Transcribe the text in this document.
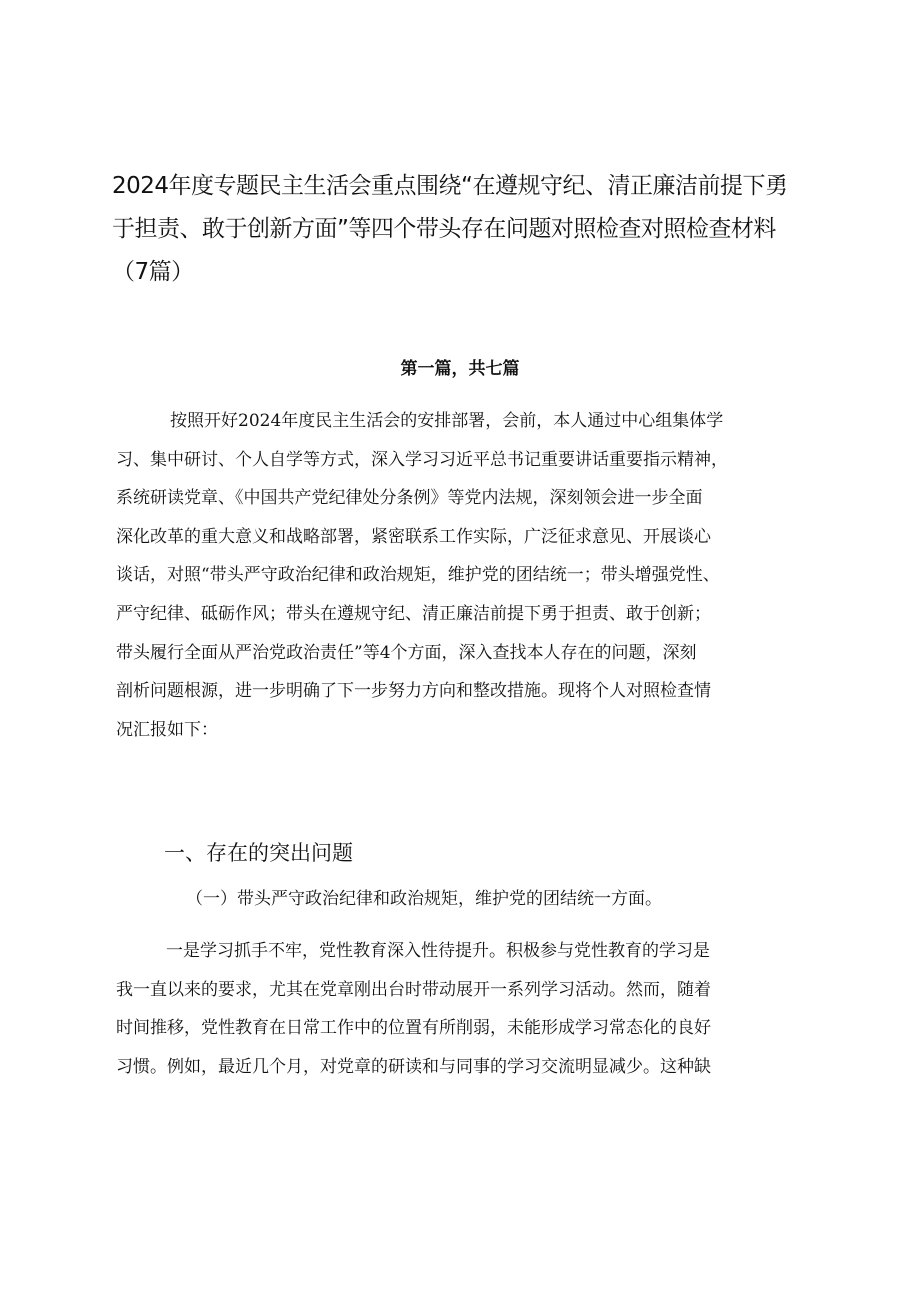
2024年度专题民主生活会重点围绕“在遵规守纪、清正廉洁前提下勇
于担责、敢于创新方面”等四个带头存在问题对照检查对照检查材料
（7篇）
第一篇，共七篇
按照开好2024年度民主生活会的安排部署，会前，本人通过中心组集体学
习、集中研讨、个人自学等方式，深入学习习近平总书记重要讲话重要指示精神，
系统研读党章、《中国共产党纪律处分条例》等党内法规，深刻领会进一步全面
深化改革的重大意义和战略部署，紧密联系工作实际，广泛征求意见、开展谈心
谈话，对照“带头严守政治纪律和政治规矩，维护党的团结统一；带头增强党性、
严守纪律、砥砺作风；带头在遵规守纪、清正廉洁前提下勇于担责、敢于创新；
带头履行全面从严治党政治责任”等4个方面，深入查找本人存在的问题，深刻
剖析问题根源，进一步明确了下一步努力方向和整改措施。现将个人对照检查情
况汇报如下：
一、存在的突出问题

（一）带头严守政治纪律和政治规矩，维护党的团结统一方面。

一是学习抓手不牢，党性教育深入性待提升。积极参与党性教育的学习是
我一直以来的要求，尤其在党章刚出台时带动展开一系列学习活动。然而，随着
时间推移，党性教育在日常工作中的位置有所削弱，未能形成学习常态化的良好
习惯。例如，最近几个月，对党章的研读和与同事的学习交流明显减少。这种缺
